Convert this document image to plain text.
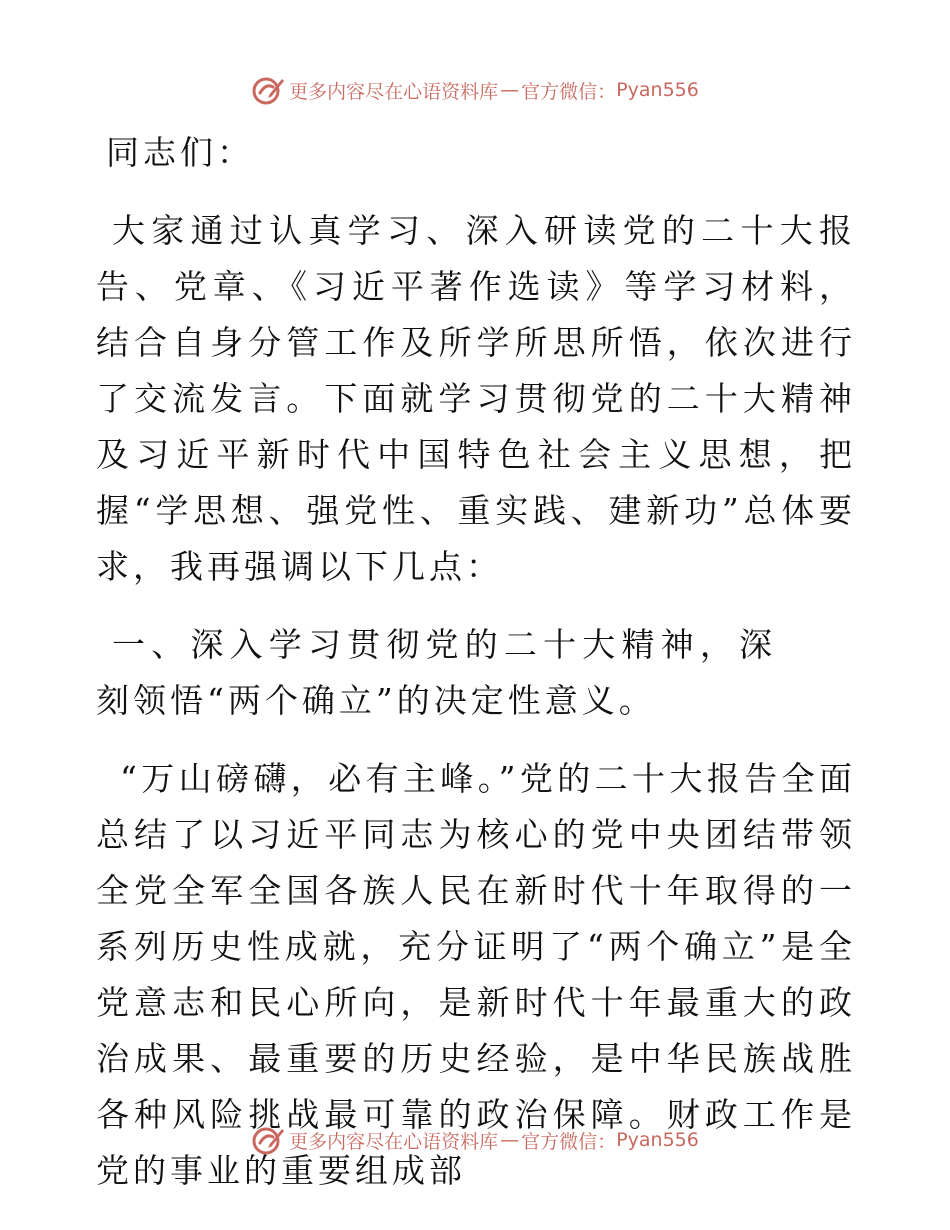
更多内容尽在心语资料库 — 官方微信： Pyan556

同志们：

大家通过认真学习、深入研读党的二十大报告、党章、《习近平著作选读》等学习材料，结合自身分管工作及所学所思所悟，依次进行了交流发言。下面就学习贯彻党的二十大精神及习近平新时代中国特色社会主义思想，把握“学思想、强党性、重实践、建新功”总体要求，我再强调以下几点：

一、深入学习贯彻党的二十大精神，深刻领悟“两个确立”的决定性意义。

“万山磅礴，必有主峰。”党的二十大报告全面总结了以习近平同志为核心的党中央团结带领全党全军全国各族人民在新时代十年取得的一系列历史性成就，充分证明了“两个确立”是全党意志和民心所向，是新时代十年最重大的政治成果、最重要的历史经验，是中华民族战胜各种风险挑战最可靠的政治保障。财政工作是党的事业的重要组成部

更多内容尽在心语资料库 — 官方微信： Pyan556
